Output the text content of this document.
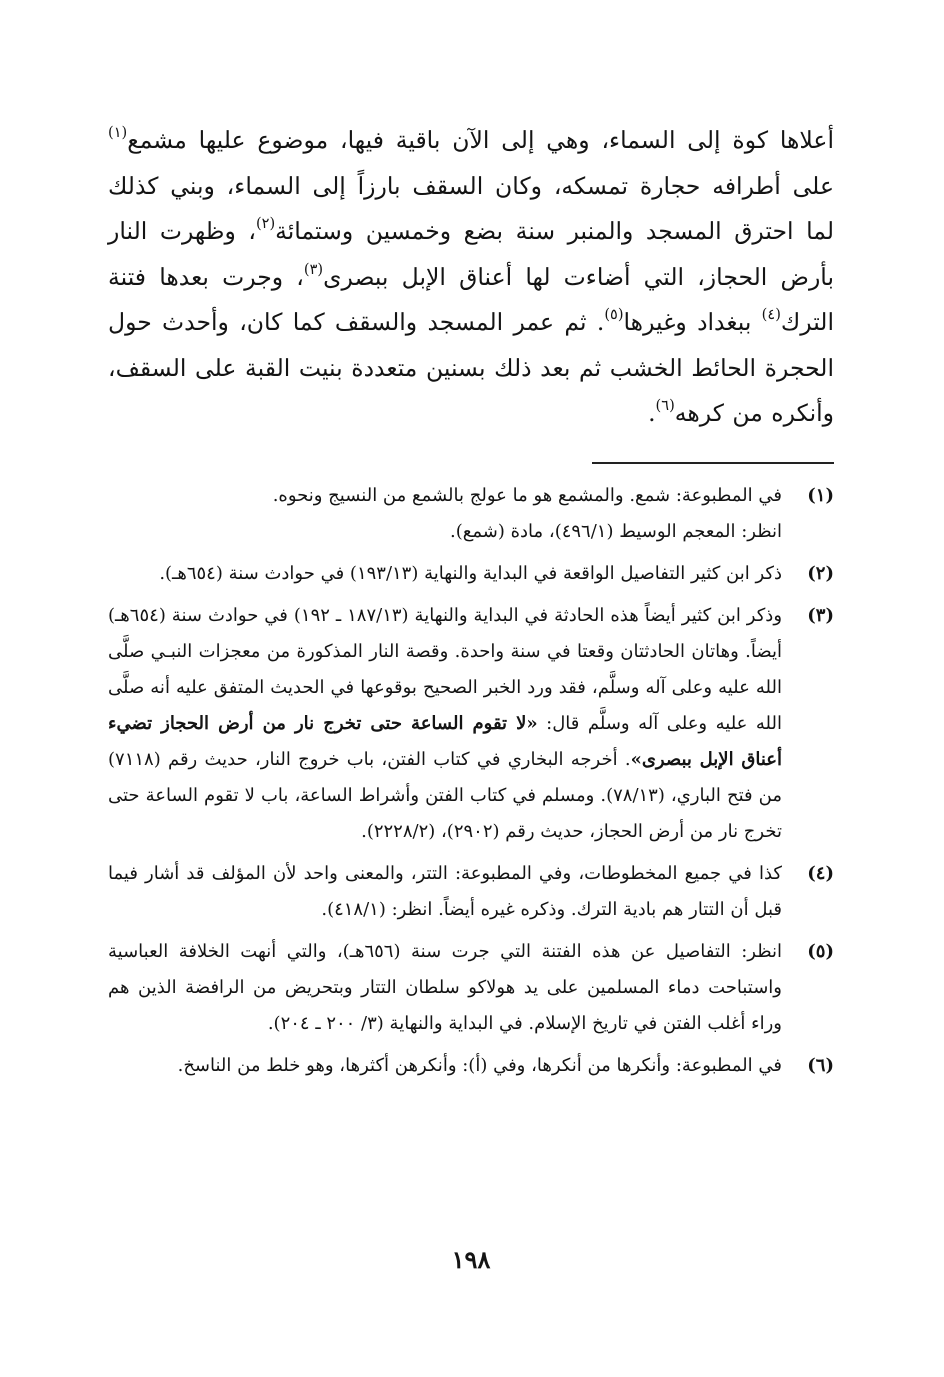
أعلاها كوة إلى السماء، وهي إلى الآن باقية فيها، موضوع عليها مشمع$^{(١)}$ على أطرافه حجارة تمسكه، وكان السقف بارزاً إلى السماء، وبني كذلك لما احترق المسجد والمنبر سنة بضع وخمسين وستمائة$^{(٢)}$، وظهرت النار بأرض الحجاز، التي أضاءت لها أعناق الإبل ببصرى$^{(٣)}$، وجرت بعدها فتنة الترك$^{(٤)}$ ببغداد وغيرها$^{(٥)}$. ثم عمر المسجد والسقف كما كان، وأحدث حول الحجرة الحائط الخشب ثم بعد ذلك بسنين متعددة بنيت القبة على السقف، وأنكره من كرهه$^{(٦)}$.

(١)

في المطبوعة: شمع. والمشمع هو ما عولج بالشمع من النسيج ونحوه.

انظر: المعجم الوسيط (٤٩٦/١)، مادة (شمع).

(٢)

ذكر ابن كثير التفاصيل الواقعة في البداية والنهاية (١٩٣/١٣) في حوادث سنة (٦٥٤هـ).

(٣)

وذكر ابن كثير أيضاً هذه الحادثة في البداية والنهاية (١٨٧/١٣ ـ ١٩٢) في حوادث سنة (٦٥٤هـ) أيضاً. وهاتان الحادثتان وقعتا في سنة واحدة. وقصة النار المذكورة من معجزات النبـي صلَّى الله عليه وعلى آله وسلَّم، فقد ورد الخبر الصحيح بوقوعها في الحديث المتفق عليه أنه صلَّى الله عليه وعلى آله وسلَّم قال: «لا تقوم الساعة حتى تخرج نار من أرض الحجاز تضيء أعناق الإبل ببصرى». أخرجه البخاري في كتاب الفتن، باب خروج النار، حديث رقم (٧١١٨) من فتح الباري، (٧٨/١٣). ومسلم في كتاب الفتن وأشراط الساعة، باب لا تقوم الساعة حتى تخرج نار من أرض الحجاز، حديث رقم (٢٩٠٢)، (٢٢٢٨/٢).

(٤)

كذا في جميع المخطوطات، وفي المطبوعة: التتر، والمعنى واحد لأن المؤلف قد أشار فيما قبل أن التتار هم بادية الترك. وذكره غيره أيضاً. انظر: (٤١٨/١).

(٥)

انظر: التفاصيل عن هذه الفتنة التي جرت سنة (٦٥٦هـ)، والتي أنهت الخلافة العباسية واستباحت دماء المسلمين على يد هولاكو سلطان التتار وبتحريض من الرافضة الذين هم وراء أغلب الفتن في تاريخ الإسلام. في البداية والنهاية (٣/ ٢٠٠ ـ ٢٠٤).

(٦)

في المطبوعة: وأنكرها من أنكرها، وفي (أ): وأنكرهن أكثرها، وهو خلط من الناسخ.

١٩٨
